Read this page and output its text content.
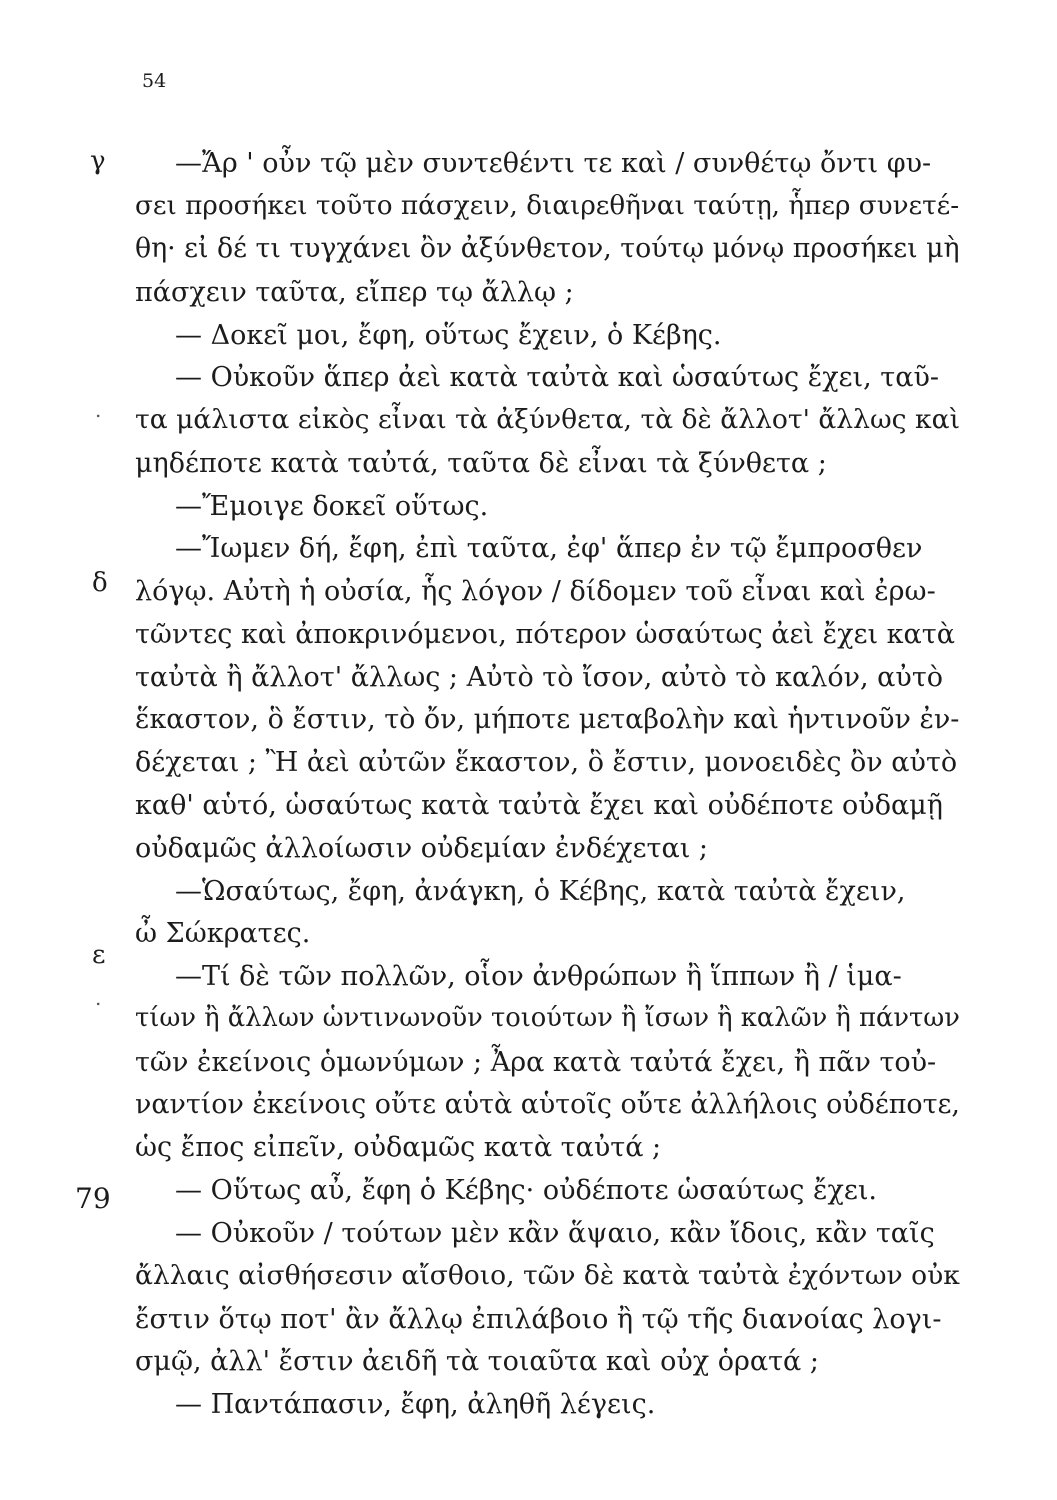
54
γ
.
δ
ε
.
79
—Ἄρ ' οὖν τῷ μὲν συντεθέντι τε καὶ / συνθέτῳ ὄντι φυ-
σει προσήκει τοῦτο πάσχειν, διαιρεθῆναι ταύτῃ, ἧπερ συνετέ-
θη· εἰ δέ τι τυγχάνει ὂν ἀξύνθετον, τούτῳ μόνῳ προσήκει μὴ
πάσχειν ταῦτα, εἴπερ τῳ ἄλλῳ ;
— Δοκεῖ μοι, ἔφη, οὕτως ἔχειν, ὁ Κέβης.
— Οὐκοῦν ἅπερ ἀεὶ κατὰ ταὐτὰ καὶ ὡσαύτως ἔχει, ταῦ-
τα μάλιστα εἰκὸς εἶναι τὰ ἀξύνθετα, τὰ δὲ ἄλλοτ' ἄλλως καὶ
μηδέποτε κατὰ ταὐτά, ταῦτα δὲ εἶναι τὰ ξύνθετα ;
—Ἔμοιγε δοκεῖ οὕτως.
—Ἴωμεν δή, ἔφη, ἐπὶ ταῦτα, ἐφ' ἅπερ ἐν τῷ ἔμπροσθεν
λόγῳ. Αὐτὴ ἡ οὐσία, ἧς λόγον / δίδομεν τοῦ εἶναι καὶ ἐρω-
τῶντες καὶ ἀποκρινόμενοι, πότερον ὡσαύτως ἀεὶ ἔχει κατὰ
ταὐτὰ ἢ ἄλλοτ' ἄλλως ; Αὐτὸ τὸ ἴσον, αὐτὸ τὸ καλόν, αὐτὸ
ἕκαστον, ὃ ἔστιν, τὸ ὄν, μήποτε μεταβολὴν καὶ ἡντινοῦν ἐν-
δέχεται ; Ἢ ἀεὶ αὐτῶν ἕκαστον, ὃ ἔστιν, μονοειδὲς ὂν αὐτὸ
καθ' αὑτό, ὡσαύτως κατὰ ταὐτὰ ἔχει καὶ οὐδέποτε οὐδαμῇ
οὐδαμῶς ἀλλοίωσιν οὐδεμίαν ἐνδέχεται ;
—Ὡσαύτως, ἔφη, ἀνάγκη, ὁ Κέβης, κατὰ ταὐτὰ ἔχειν,
ὦ Σώκρατες.
—Τί δὲ τῶν πολλῶν, οἷον ἀνθρώπων ἢ ἵππων ἢ / ἱμα-
τίων ἢ ἄλλων ὡντινωνοῦν τοιούτων ἢ ἴσων ἢ καλῶν ἢ πάντων
τῶν ἐκείνοις ὁμωνύμων ; Ἆρα κατὰ ταὐτά ἔχει, ἢ πᾶν τοὐ-
ναντίον ἐκείνοις οὔτε αὑτὰ αὑτοῖς οὔτε ἀλλήλοις οὐδέποτε,
ὡς ἔπος εἰπεῖν, οὐδαμῶς κατὰ ταὐτά ;
— Οὕτως αὖ, ἔφη ὁ Κέβης· οὐδέποτε ὡσαύτως ἔχει.
— Οὐκοῦν / τούτων μὲν κἂν ἅψαιο, κἂν ἴδοις, κἂν ταῖς
ἄλλαις αἰσθήσεσιν αἴσθοιο, τῶν δὲ κατὰ ταὐτὰ ἐχόντων οὐκ
ἔστιν ὅτῳ ποτ' ἂν ἄλλῳ ἐπιλάβοιο ἢ τῷ τῆς διανοίας λογι-
σμῷ, ἀλλ' ἔστιν ἀειδῆ τὰ τοιαῦτα καὶ οὐχ ὁρατά ;
— Παντάπασιν, ἔφη, ἀληθῆ λέγεις.
